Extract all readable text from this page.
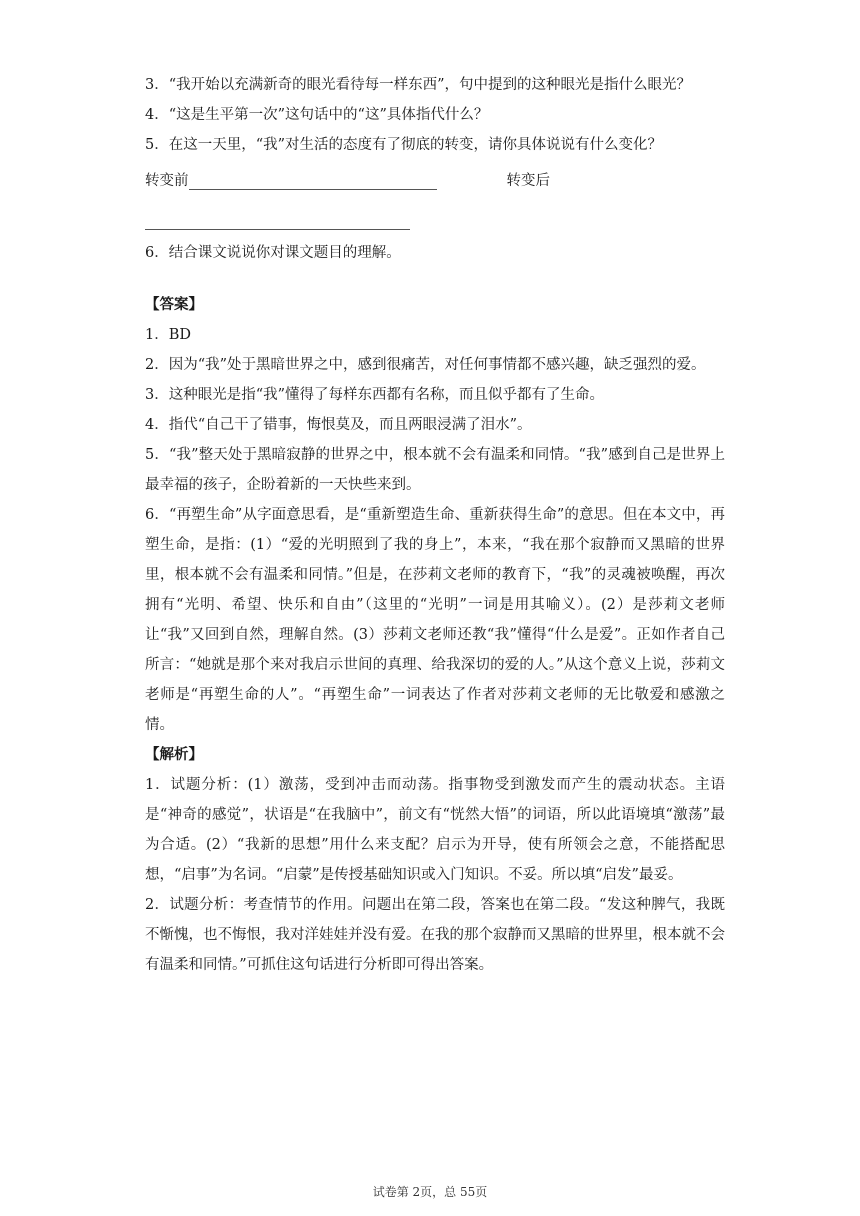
3．“我开始以充满新奇的眼光看待每一样东西”，句中提到的这种眼光是指什么眼光？

4．“这是生平第一次”这句话中的“这”具体指代什么？

5．在这一天里，“我”对生活的态度有了彻底的转变，请你具体说说有什么变化？

转变前	转变后

6．结合课文说说你对课文题目的理解。

【答案】

1．BD

2．因为“我”处于黑暗世界之中，感到很痛苦，对任何事情都不感兴趣，缺乏强烈的爱。

3．这种眼光是指“我”懂得了每样东西都有名称，而且似乎都有了生命。

4．指代“自己干了错事，悔恨莫及，而且两眼浸满了泪水”。

5．“我”整天处于黑暗寂静的世界之中，根本就不会有温柔和同情。“我”感到自己是世界上最幸福的孩子，企盼着新的一天快些来到。

6．“再塑生命”从字面意思看，是“重新塑造生命、重新获得生命”的意思。但在本文中，再塑生命，是指：(1）“爱的光明照到了我的身上”，本来，“我在那个寂静而又黑暗的世界里，根本就不会有温柔和同情。”但是，在莎莉文老师的教育下，“我”的灵魂被唤醒，再次拥有“光明、希望、快乐和自由”（这里的“光明”一词是用其喻义）。(2）是莎莉文老师让“我”又回到自然，理解自然。(3）莎莉文老师还教“我”懂得“什么是爱”。正如作者自己所言：“她就是那个来对我启示世间的真理、给我深切的爱的人。”从这个意义上说，莎莉文老师是“再塑生命的人”。“再塑生命”一词表达了作者对莎莉文老师的无比敬爱和感激之情。

【解析】

1．试题分析：(1）激荡，受到冲击而动荡。指事物受到激发而产生的震动状态。主语是“神奇的感觉”，状语是“在我脑中”，前文有“恍然大悟”的词语，所以此语境填“激荡”最为合适。(2）“我新的思想”用什么来支配？启示为开导，使有所领会之意，不能搭配思想，“启事”为名词。“启蒙”是传授基础知识或入门知识。不妥。所以填“启发”最妥。

2．试题分析：考查情节的作用。问题出在第二段，答案也在第二段。“发这种脾气，我既不惭愧，也不悔恨，我对洋娃娃并没有爱。在我的那个寂静而又黑暗的世界里，根本就不会有温柔和同情。”可抓住这句话进行分析即可得出答案。

试卷第 2页，总 55页
